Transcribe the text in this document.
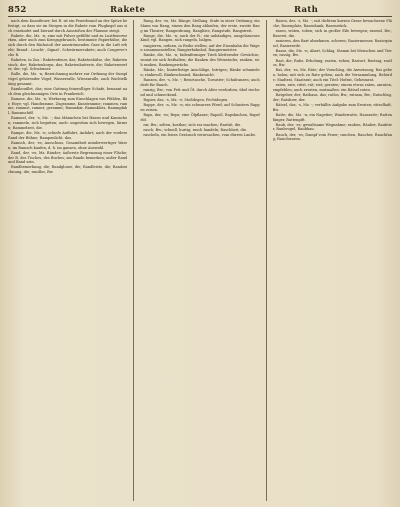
852	Rakete	Rath

nach dem Kunstfeuer; bei R. ist ein Feuerbrand an der Spitze befestigt, so dass sie im Steigen in die Rakete vom Flugkegel aus sich entzündet und hierauf durch Ausstoßen der Flamme steigt.

Rakete, die, Mz. -n; eine mit Pulver gefüllte und zu Lustfeuerwerken, aber auch zum Kriegsgebrauch, bestimmte Papierhülse, die sich durch den Rückstoß der ausströmenden Gase in die Luft erhebt; Brand-, Leucht-, Signal-, Schwärmerrakete; auch Congreve'sche R.

Raketen, in Zus.: Raketenfeuer, das; Raketenhülse, die; Raketenstock, der; Raketenkorps, das; Raketenbatterie, die; Raketenwerfer, der; vgl. Schwärmer.

Ralle, die, Mz. -n; Bezeichnung mehrer zur Ordnung der Sumpfvögel gehörender Vögel; Wasserralle, Wiesenralle, auch Wachtelkönig genannt.

Rambouillet, das; eine Gattung feinwolliger Schafe, benannt nach dem gleichnamigen Orte in Frankreich.

Ramme, die, Mz. -n; Werkzeug zum Einschlagen von Pfählen, Bär, Hoye; vgl. Handramme, Zugramme, Kunstramme; rammen, ramme, rammst, rammt; gerammt; Rammbär, Rammklotz, Rammpfahl, Rammschiff.

Rammel, der, -s, Mz. -; das Männchen bei Hasen und Kaninchen; rammeln, sich begatten; auch: ungestüm sich bewegen, lärmen; Rammelzeit, die.

Rampe, die, Mz. -n; schiefe Auffahrt, Anfahrt; auch der vordere Rand der Bühne; Rampenlicht, das.

Ramsch, der, -es; Ausschuss, Gesamtheit minderwertiger Waren; im Ramsch kaufen, d. h. im ganzen, ohne Auswahl.

Rand, der, -es, Mz. Ränder; äußerste Begrenzung einer Fläche; der R. des Tisches, des Buches; am Rande bemerken; außer Rand und Band sein.

Randbemerkung, die; Randglosse, die; Randleiste, die; Randzeichnung, die; randlos, Bw.

Rang, der, -es, Mz. Ränge; Stellung, Stufe in einer Ordnung; ein Mann von Rang; einem den Rang ablaufen; der erste, zweite Rang im Theater; Rangordnung, Rangliste, Rangstufe, Rangstreit.

Range, die, Mz. -n; auch der R.; ein unbändiges, ausgelassenes Kind; vgl. Rangen, sich rangeln, balgen.

rangieren, ordnen, in Reihe stellen; auf der Eisenbahn die Wagen zusammenstellen; Rangierbahnhof, Rangiermeister.

Ranke, die, Mz. -n; fadenförmiger Trieb kletternder Gewächse, womit sie sich festhalten; die Ranken des Weinstocks; ranken, sich ranken; Rankengewächs.

Ränke, Mz.; hinterlistige Anschläge, Intrigen; Ränke schmieden; ränkevoll, Ränkeschmied, Ränkesucht.

Ranzen, der, -s, Mz. -; Reisetasche, Tornister; Schulranzen; auch derb für Bauch.

ranzig, Bw.; von Fett und Öl: durch Alter verdorben, übel riechend und schmeckend.

Rapier, das, -s, Mz. -e; Stoßdegen, Fechtdegen.

Rappe, der, -n, Mz. -n; ein schwarzes Pferd; auf Schusters Rappen reisen.

Raps, der, -es; Reps; eine Ölpflanze; Rapsöl, Rapskuchen, Rapsfeld.

rar, Bw.; selten, kostbar; sich rar machen; Rarität, die.

rasch, Bw.; schnell, hurtig; rasch handeln; Raschheit, die.

rascheln, ein leises Geräusch verursachen, vom dürren Laube.

Rasen, der, -s, Mz. -; mit dichtem kurzen Grase bewachsene Fläche; Rasenplatz, Rasenbank, Rasenstück.

rasen, wüten, toben; sich in großer Eile bewegen; rasend, Bw.; Raserei, die.

rasieren, den Bart abnehmen, scheren; Rasiermesser, Rasierpinsel, Rasierseife.

Rasse, die, Mz. -n; Abart, Schlag, Stamm bei Menschen und Tieren; rassig, Bw.

Rast, die; Ruhe, Erholung; rasten, ruhen; Rastort, Rasttag; rastlos, Bw.

Rat, der, -es, Mz. Räte; der Vorschlag, die Anweisung; Rat geben, holen; mit sich zu Rate gehen; auch die Versammlung, Behörde: Stadtrat, Staatsrat; auch ein Titel: Hofrat, Geheimrat.

raten, rate, rätst, rät; riet; geraten; einem etwas raten, anraten, empfehlen; auch erraten, mutmaßen: ein Rätsel raten.

Ratgeber, der; Rathaus, das; ratlos, Bw.; ratsam, Bw.; Ratschlag, der; Ratsherr, der.

Rätsel, das, -s, Mz. -; verhüllte Aufgabe zum Erraten; rätselhaft, Bw.

Ratte, die, Mz. -n; ein Nagetier; Wanderratte, Hausratte; Rattenfänger, Rattengift.

Raub, der, -es; gewaltsame Wegnahme; rauben, Räuber, Raubtier, Raubvogel, Raubbau.

Rauch, der, -es; Dampf vom Feuer; rauchen, Raucher, Rauchfang, Rauchwaren.
